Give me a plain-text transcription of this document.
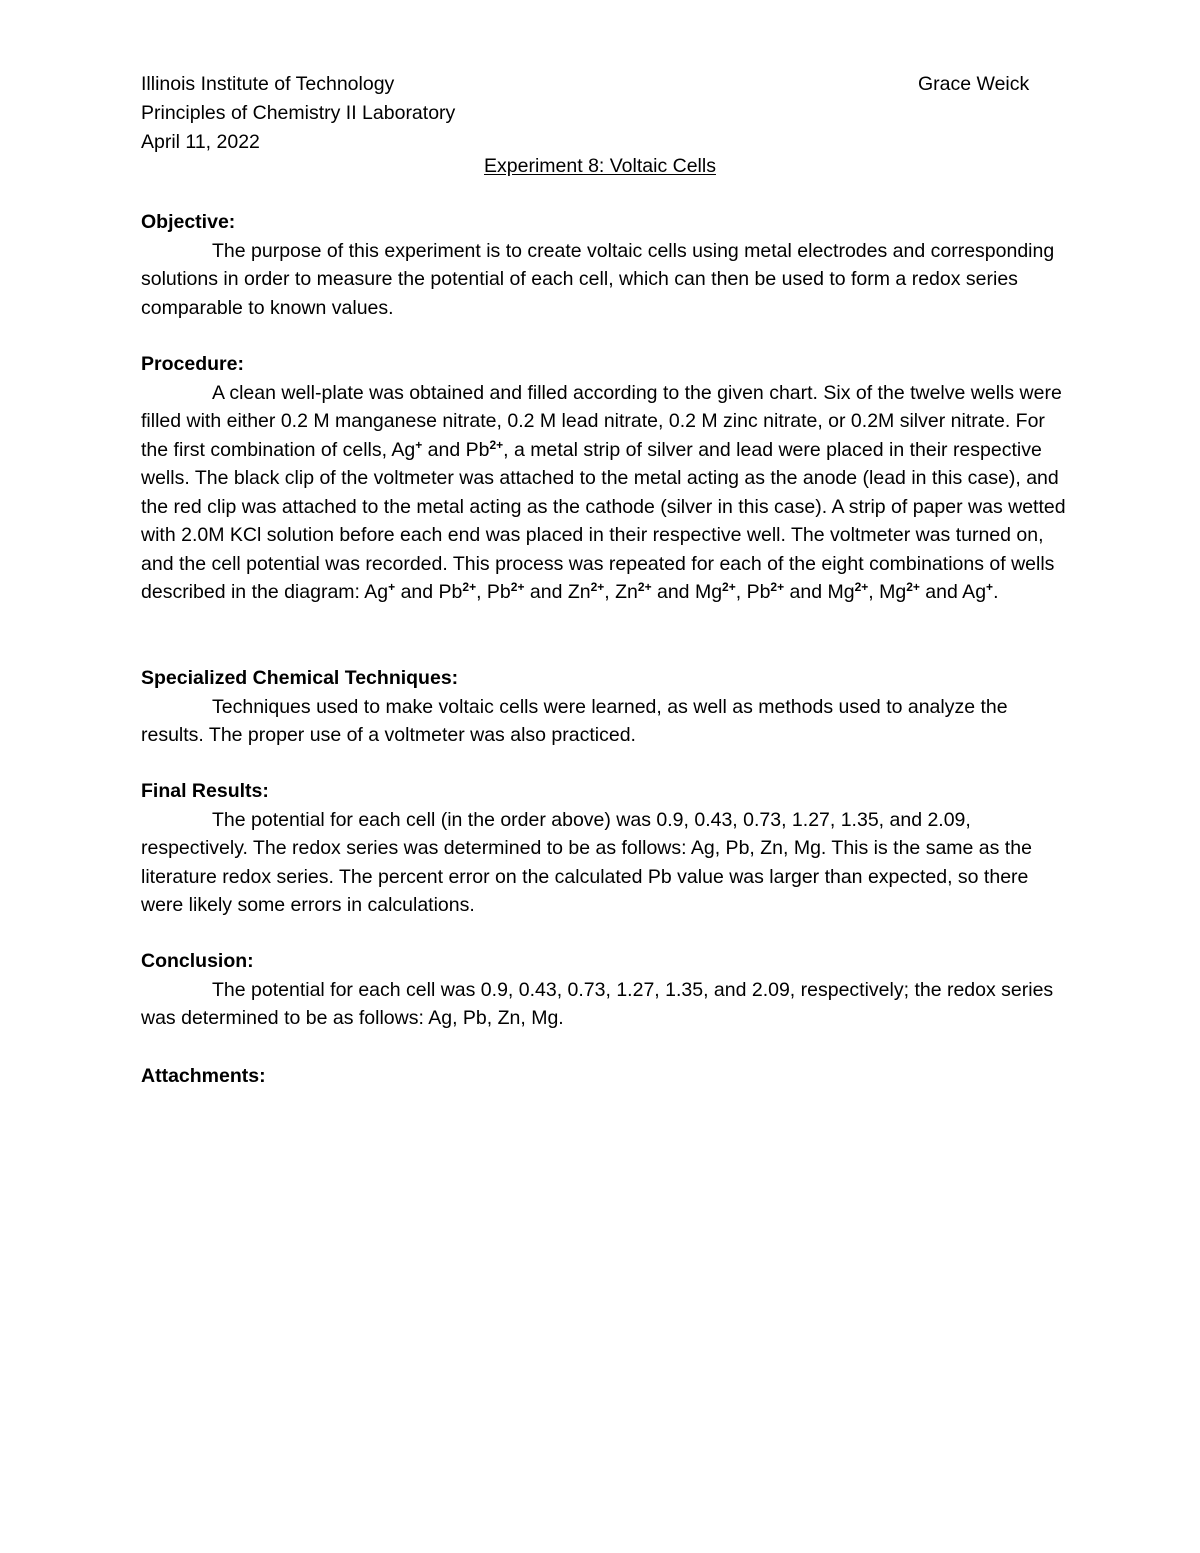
Illinois Institute of Technology
Principles of Chemistry II Laboratory
April 11, 2022
Grace Weick
Experiment 8: Voltaic Cells
Objective:
The purpose of this experiment is to create voltaic cells using metal electrodes and corresponding solutions in order to measure the potential of each cell, which can then be used to form a redox series comparable to known values.
Procedure:
A clean well-plate was obtained and filled according to the given chart. Six of the twelve wells were filled with either 0.2 M manganese nitrate, 0.2 M lead nitrate, 0.2 M zinc nitrate, or 0.2M silver nitrate. For the first combination of cells, Ag+ and $Pb^{2+}$, a metal strip of silver and lead were placed in their respective wells. The black clip of the voltmeter was attached to the metal acting as the anode (lead in this case), and the red clip was attached to the metal acting as the cathode (silver in this case). A strip of paper was wetted with 2.0M KCl solution before each end was placed in their respective well. The voltmeter was turned on, and the cell potential was recorded. This process was repeated for each of the eight combinations of wells described in the diagram: Ag+ and $Pb^{2+}$, $Pb^{2+}$ and $Zn^{2+}$, $Zn^{2+}$ and $Mg^{2+}$, $Pb^{2+}$ and $Mg^{2+}$, $Mg^{2+}$ and Ag+.
Specialized Chemical Techniques:
Techniques used to make voltaic cells were learned, as well as methods used to analyze the results. The proper use of a voltmeter was also practiced.
Final Results:
The potential for each cell (in the order above) was 0.9, 0.43, 0.73, 1.27, 1.35, and 2.09, respectively. The redox series was determined to be as follows: Ag, Pb, Zn, Mg. This is the same as the literature redox series. The percent error on the calculated Pb value was larger than expected, so there were likely some errors in calculations.
Conclusion:
The potential for each cell was 0.9, 0.43, 0.73, 1.27, 1.35, and 2.09, respectively; the redox series was determined to be as follows: Ag, Pb, Zn, Mg.
Attachments:
